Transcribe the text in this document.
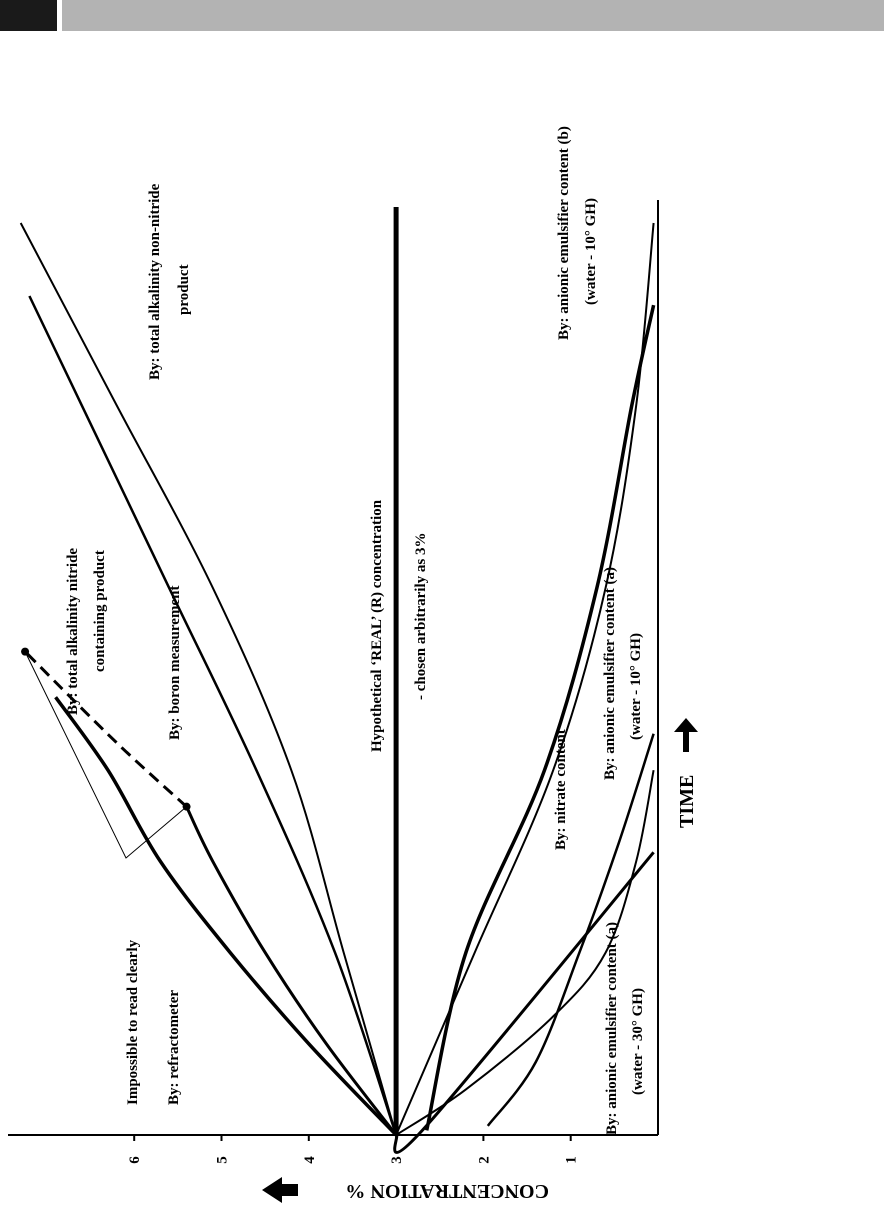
1
2
3
4
5
6
Impossible to read clearly By: refractometer
By: total alkalinity nitride containing product	By: boron measurement
By: total alkalinity non-nitride product
Hypothetical ‘REAL’ (R) concentration - chosen arbitrarily as 3%
By: nitrate content
By: anionic emulsifier content (a) (water - 30° GH)
By: anionic emulsifier content (a) (water - 10° GH)
By: anionic emulsifier content (b) (water - 10° GH)
TIME
CONCENTRATION %
